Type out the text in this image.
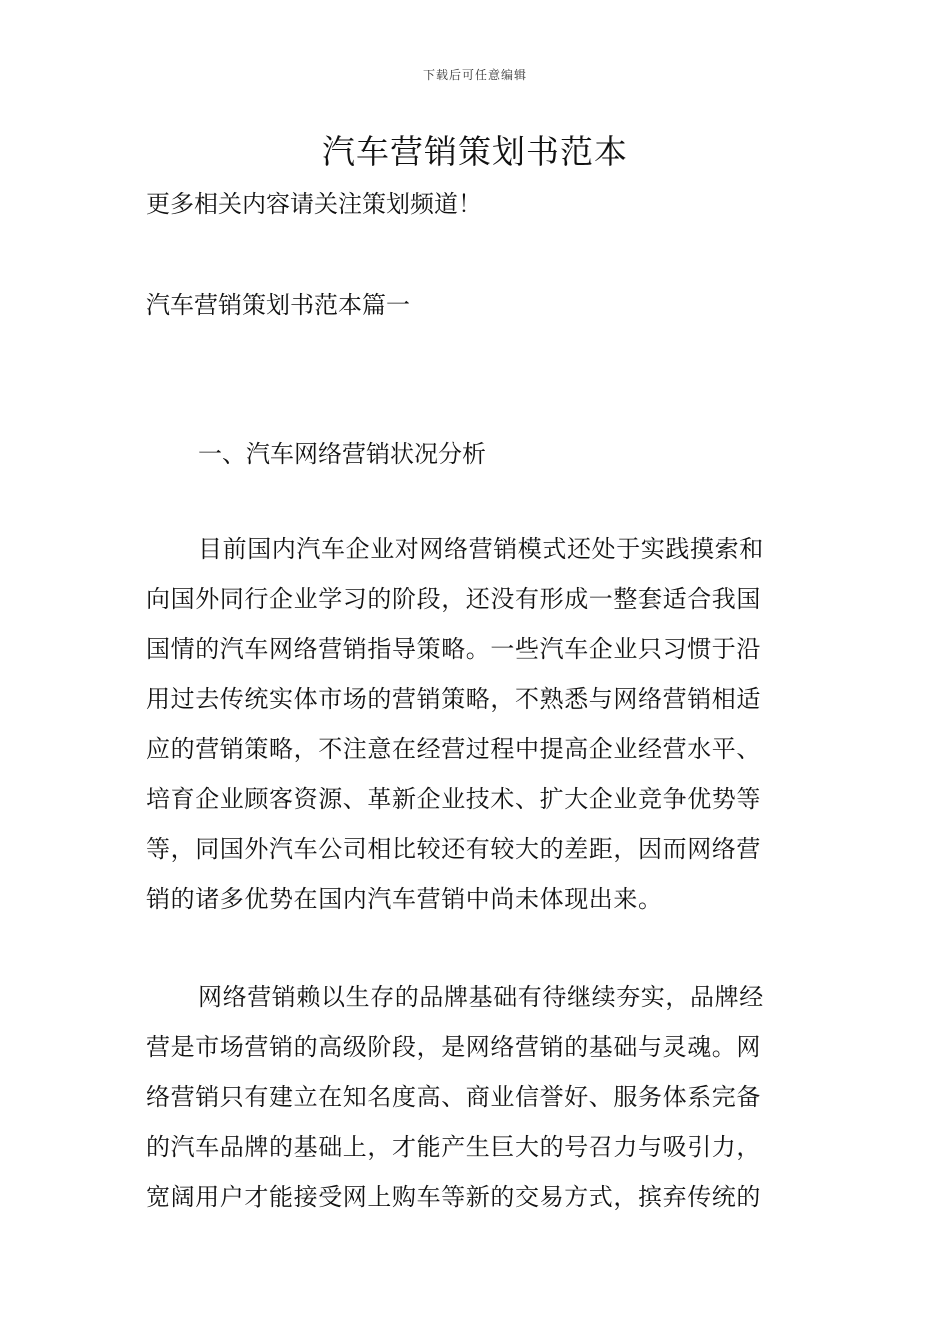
下载后可任意编辑
汽车营销策划书范本

更多相关内容请关注策划频道！

汽车营销策划书范本篇一

一、汽车网络营销状况分析

目前国内汽车企业对网络营销模式还处于实践摸索和
向国外同行企业学习的阶段，还没有形成一整套适合我国
国情的汽车网络营销指导策略。一些汽车企业只习惯于沿
用过去传统实体市场的营销策略，不熟悉与网络营销相适
应的营销策略，不注意在经营过程中提高企业经营水平、
培育企业顾客资源、革新企业技术、扩大企业竞争优势等
等，同国外汽车公司相比较还有较大的差距，因而网络营
销的诸多优势在国内汽车营销中尚未体现出来。
网络营销赖以生存的品牌基础有待继续夯实，品牌经
营是市场营销的高级阶段，是网络营销的基础与灵魂。网
络营销只有建立在知名度高、商业信誉好、服务体系完备
的汽车品牌的基础上，才能产生巨大的号召力与吸引力，
宽阔用户才能接受网上购车等新的交易方式，摈弃传统的
